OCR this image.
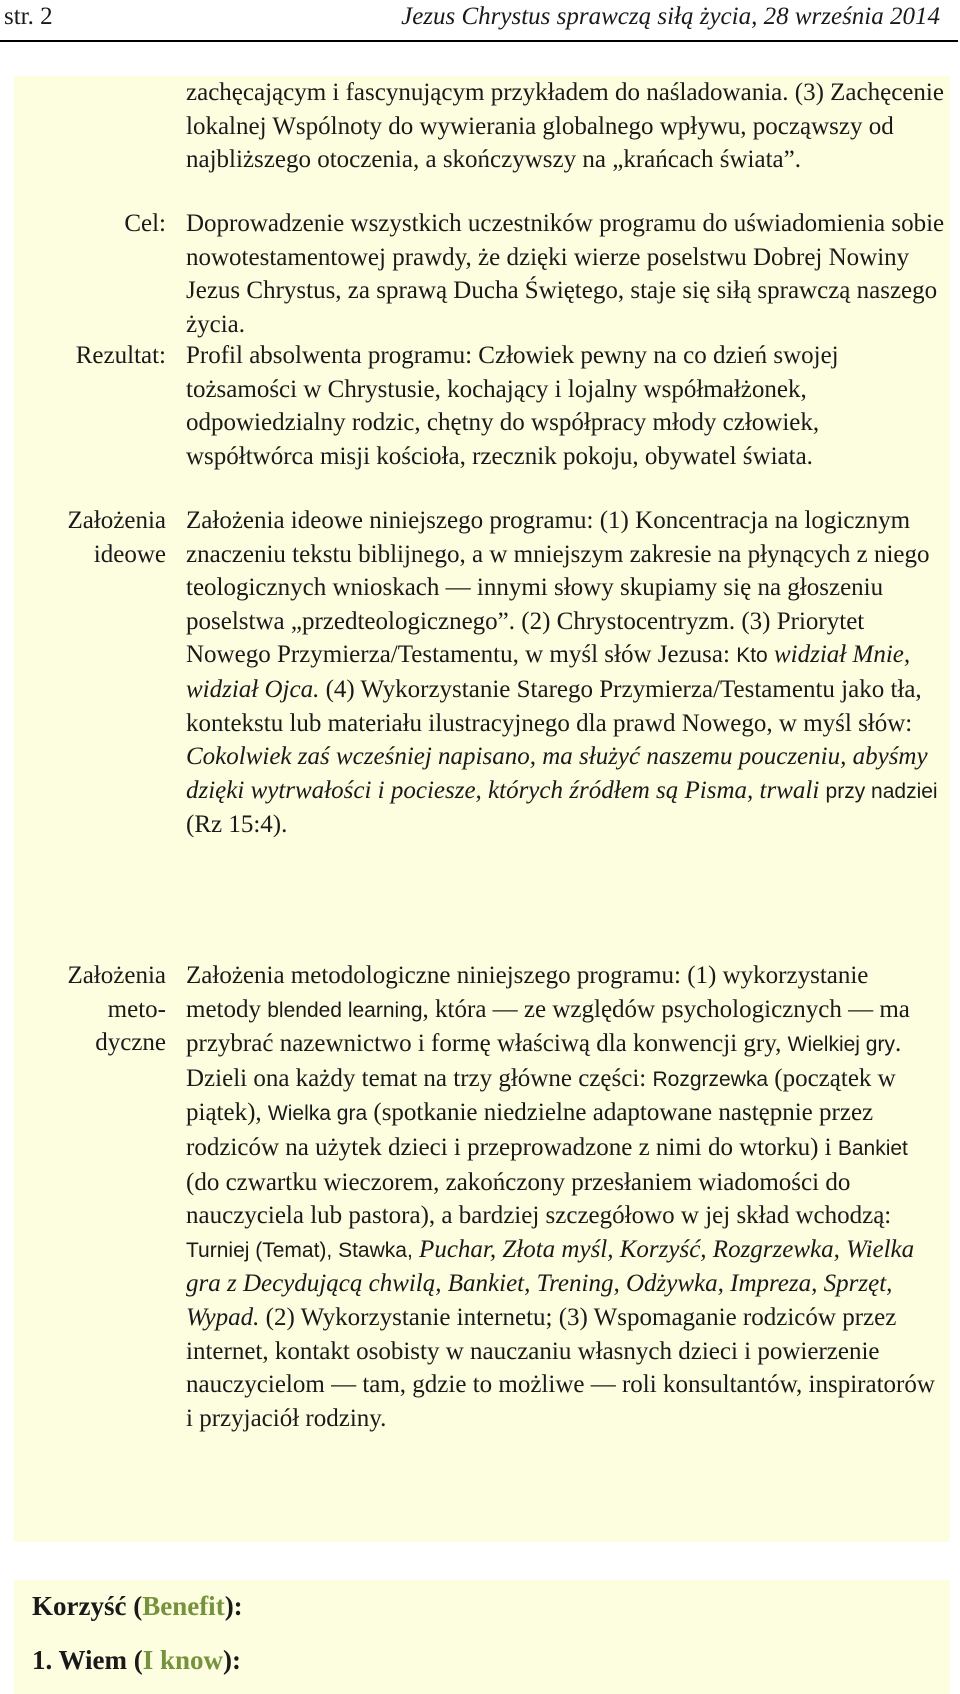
str. 2	Jezus Chrystus sprawczą siłą życia, 28 września 2014

zachęcającym i fascynującym przykładem do naśladowania. (3) Zachęcenie lokalnej Wspólnoty do wywierania globalnego wpływu, począwszy od najbliższego otoczenia, a skończywszy na „krańcach świata”.

Cel: Doprowadzenie wszystkich uczestników programu do uświadomienia sobie nowotestamentowej prawdy, że dzięki wierze poselstwu Dobrej Nowiny Jezus Chrystus, za sprawą Ducha Świętego, staje się siłą sprawczą naszego życia.

Rezultat: Profil absolwenta programu: Człowiek pewny na co dzień swojej tożsamości w Chrystusie, kochający i lojalny współmałżonek, odpowiedzialny rodzic, chętny do współpracy młody człowiek, współtwórca misji kościoła, rzecznik pokoju, obywatel świata.

Założenia
ideowe

Założenia ideowe niniejszego programu: (1) Koncentracja na logicznym znaczeniu tekstu biblijnego, a w mniejszym zakresie na płynących z niego teologicznych wnioskach — innymi słowy skupiamy się na głoszeniu poselstwa „przedteologicznego”. (2) Chrystocentryzm. (3) Priorytet Nowego Przymierza/Testamentu, w myśl słów Jezusa: Kto widział Mnie, widział Ojca. (4) Wykorzystanie Starego Przymierza/Testamentu jako tła, kontekstu lub materiału ilustracyjnego dla prawd Nowego, w myśl słów: Cokolwiek zaś wcześniej napisano, ma służyć naszemu pouczeniu, abyśmy dzięki wytrwałości i pociesze, których źródłem są Pisma, trwali przy nadziei (Rz 15:4).

Założenia
meto-
dyczne

Założenia metodologiczne niniejszego programu: (1) wykorzystanie metody blended learning, która — ze względów psychologicznych — ma przybrać nazewnictwo i formę właściwą dla konwencji gry, Wielkiej gry. Dzieli ona każdy temat na trzy główne części: Rozgrzewka (początek w piątek), Wielka gra (spotkanie niedzielne adaptowane następnie przez rodziców na użytek dzieci i przeprowadzone z nimi do wtorku) i Bankiet (do czwartku wieczorem, zakończony przesłaniem wiadomości do nauczyciela lub pastora), a bardziej szczegółowo w jej skład wchodzą: Turniej (Temat), Stawka, Puchar, Złota myśl, Korzyść, Rozgrzewka, Wielka gra z Decydującą chwilą, Bankiet, Trening, Odżywka, Impreza, Sprzęt, Wypad. (2) Wykorzystanie internetu; (3) Wspomaganie rodziców przez internet, kontakt osobisty w nauczaniu własnych dzieci i powierzenie nauczycielom — tam, gdzie to możliwe — roli konsultantów, inspiratorów i przyjaciół rodziny.

Korzyść (Benefit):
1. Wiem (I know):
